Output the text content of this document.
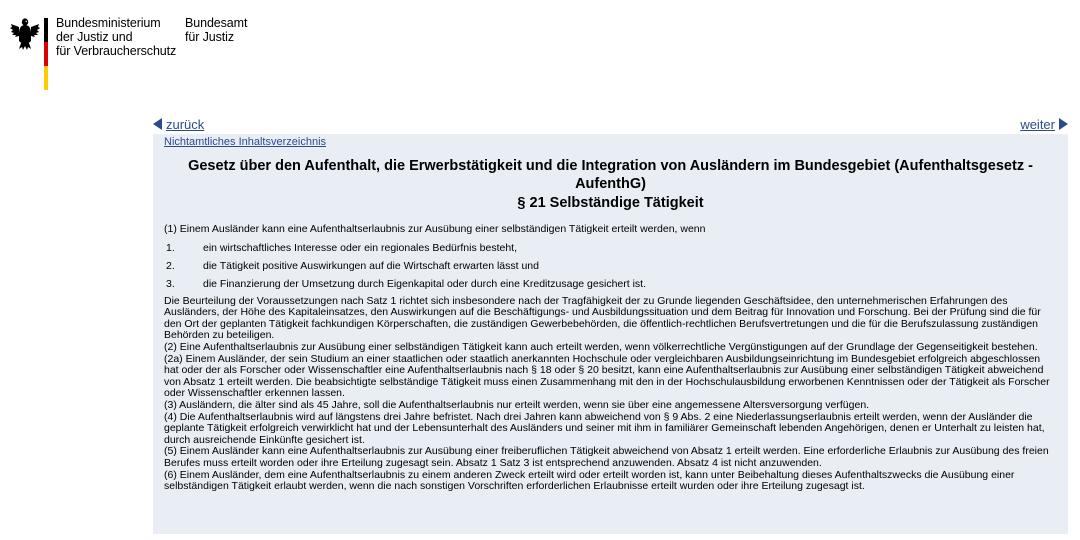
Bundesministerium
der Justiz und
für Verbraucherschutz
Bundesamt
für Justiz
zurück	weiter
Nichtamtliches Inhaltsverzeichnis
Gesetz über den Aufenthalt, die Erwerbstätigkeit und die Integration von Ausländern im Bundesgebiet (Aufenthaltsgesetz - AufenthG)
§ 21 Selbständige Tätigkeit

(1) Einem Ausländer kann eine Aufenthaltserlaubnis zur Ausübung einer selbständigen Tätigkeit erteilt werden, wenn

1.	ein wirtschaftliches Interesse oder ein regionales Bedürfnis besteht,
2.	die Tätigkeit positive Auswirkungen auf die Wirtschaft erwarten lässt und
3.	die Finanzierung der Umsetzung durch Eigenkapital oder durch eine Kreditzusage gesichert ist.

Die Beurteilung der Voraussetzungen nach Satz 1 richtet sich insbesondere nach der Tragfähigkeit der zu Grunde liegenden Geschäftsidee, den unternehmerischen Erfahrungen des Ausländers, der Höhe des Kapitaleinsatzes, den Auswirkungen auf die Beschäftigungs- und Ausbildungssituation und dem Beitrag für Innovation und Forschung. Bei der Prüfung sind die für den Ort der geplanten Tätigkeit fachkundigen Körperschaften, die zuständigen Gewerbebehörden, die öffentlich-rechtlichen Berufsvertretungen und die für die Berufszulassung zuständigen Behörden zu beteiligen.

(2) Eine Aufenthaltserlaubnis zur Ausübung einer selbständigen Tätigkeit kann auch erteilt werden, wenn völkerrechtliche Vergünstigungen auf der Grundlage der Gegenseitigkeit bestehen.

(2a) Einem Ausländer, der sein Studium an einer staatlichen oder staatlich anerkannten Hochschule oder vergleichbaren Ausbildungseinrichtung im Bundesgebiet erfolgreich abgeschlossen hat oder der als Forscher oder Wissenschaftler eine Aufenthaltserlaubnis nach § 18 oder § 20 besitzt, kann eine Aufenthaltserlaubnis zur Ausübung einer selbständigen Tätigkeit abweichend von Absatz 1 erteilt werden. Die beabsichtigte selbständige Tätigkeit muss einen Zusammenhang mit den in der Hochschulausbildung erworbenen Kenntnissen oder der Tätigkeit als Forscher oder Wissenschaftler erkennen lassen.

(3) Ausländern, die älter sind als 45 Jahre, soll die Aufenthaltserlaubnis nur erteilt werden, wenn sie über eine angemessene Altersversorgung verfügen.

(4) Die Aufenthaltserlaubnis wird auf längstens drei Jahre befristet. Nach drei Jahren kann abweichend von § 9 Abs. 2 eine Niederlassungserlaubnis erteilt werden, wenn der Ausländer die geplante Tätigkeit erfolgreich verwirklicht hat und der Lebensunterhalt des Ausländers und seiner mit ihm in familiärer Gemeinschaft lebenden Angehörigen, denen er Unterhalt zu leisten hat, durch ausreichende Einkünfte gesichert ist.

(5) Einem Ausländer kann eine Aufenthaltserlaubnis zur Ausübung einer freiberuflichen Tätigkeit abweichend von Absatz 1 erteilt werden. Eine erforderliche Erlaubnis zur Ausübung des freien Berufes muss erteilt worden oder ihre Erteilung zugesagt sein. Absatz 1 Satz 3 ist entsprechend anzuwenden. Absatz 4 ist nicht anzuwenden.

(6) Einem Ausländer, dem eine Aufenthaltserlaubnis zu einem anderen Zweck erteilt wird oder erteilt worden ist, kann unter Beibehaltung dieses Aufenthaltszwecks die Ausübung einer selbständigen Tätigkeit erlaubt werden, wenn die nach sonstigen Vorschriften erforderlichen Erlaubnisse erteilt wurden oder ihre Erteilung zugesagt ist.
